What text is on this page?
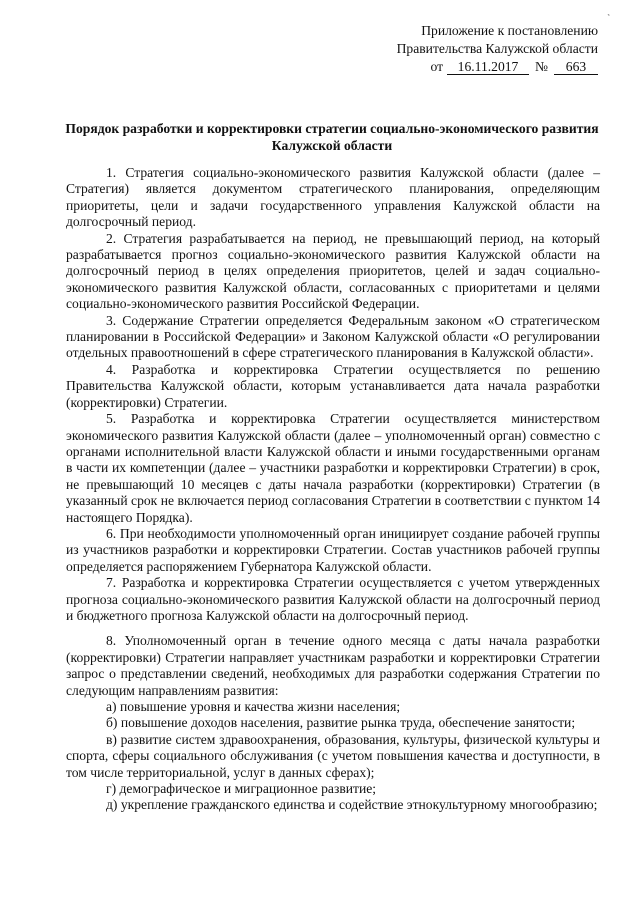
˺
Приложение к постановлению
Правительства Калужской области
от 16.11.2017 № 663
Порядок разработки и корректировки стратегии социально-экономического развития Калужской области

1. Стратегия социально-экономического развития Калужской области (далее – Стратегия) является документом стратегического планирования, определяющим приоритеты, цели и задачи государственного управления Калужской области на долгосрочный период.

2. Стратегия разрабатывается на период, не превышающий период, на который разрабатывается прогноз социально-экономического развития Калужской области на долгосрочный период в целях определения приоритетов, целей и задач социально-экономического развития Калужской области, согласованных с приоритетами и целями социально-экономического развития Российской Федерации.

3. Содержание Стратегии определяется Федеральным законом «О стратегическом планировании в Российской Федерации» и Законом Калужской области «О регулировании отдельных правоотношений в сфере стратегического планирования в Калужской области».

4. Разработка и корректировка Стратегии осуществляется по решению Правительства Калужской области, которым устанавливается дата начала разработки (корректировки) Стратегии.

5. Разработка и корректировка Стратегии осуществляется министерством экономического развития Калужской области (далее – уполномоченный орган) совместно с органами исполнительной власти Калужской области и иными государственными органам в части их компетенции (далее – участники разработки и корректировки Стратегии) в срок, не превышающий 10 месяцев с даты начала разработки (корректировки) Стратегии (в указанный срок не включается период согласования Стратегии в соответствии с пунктом 14 настоящего Порядка).

6. При необходимости уполномоченный орган инициирует создание рабочей группы из участников разработки и корректировки Стратегии. Состав участников рабочей группы определяется распоряжением Губернатора Калужской области.

7. Разработка и корректировка Стратегии осуществляется с учетом утвержденных прогноза социально-экономического развития Калужской области на долгосрочный период и бюджетного прогноза Калужской области на долгосрочный период.

8. Уполномоченный орган в течение одного месяца с даты начала разработки (корректировки) Стратегии направляет участникам разработки и корректировки Стратегии запрос о представлении сведений, необходимых для разработки содержания Стратегии по следующим направлениям развития:

а) повышение уровня и качества жизни населения;

б) повышение доходов населения, развитие рынка труда, обеспечение занятости;

в) развитие систем здравоохранения, образования, культуры, физической культуры и спорта, сферы социального обслуживания (с учетом повышения качества и доступности, в том числе территориальной, услуг в данных сферах);

г) демографическое и миграционное развитие;

д) укрепление гражданского единства и содействие этнокультурному многообразию;
